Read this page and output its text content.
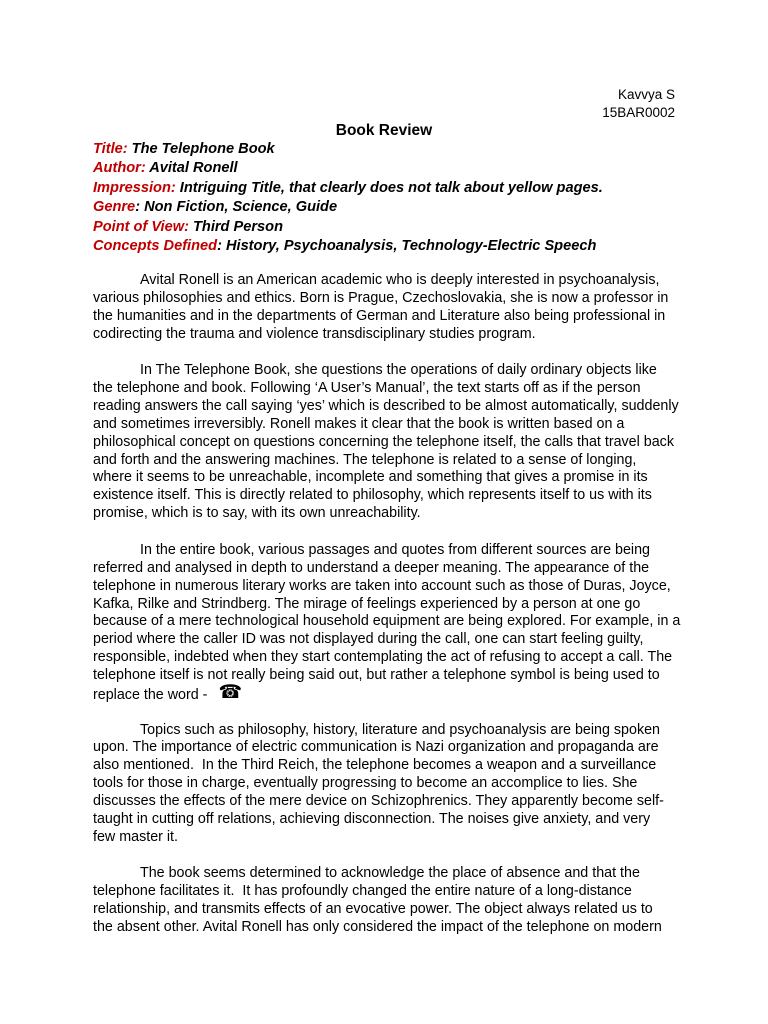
Kavvya S
15BAR0002
Book Review
Title: The Telephone Book
Author: Avital Ronell
Impression: Intriguing Title, that clearly does not talk about yellow pages.
Genre: Non Fiction, Science, Guide
Point of View: Third Person
Concepts Defined: History, Psychoanalysis, Technology-Electric Speech
Avital Ronell is an American academic who is deeply interested in psychoanalysis,
various philosophies and ethics. Born is Prague, Czechoslovakia, she is now a professor in
the humanities and in the departments of German and Literature also being professional in
codirecting the trauma and violence transdisciplinary studies program.
In The Telephone Book, she questions the operations of daily ordinary objects like
the telephone and book. Following ‘A User’s Manual’, the text starts off as if the person
reading answers the call saying ‘yes’ which is described to be almost automatically, suddenly
and sometimes irreversibly. Ronell makes it clear that the book is written based on a
philosophical concept on questions concerning the telephone itself, the calls that travel back
and forth and the answering machines. The telephone is related to a sense of longing,
where it seems to be unreachable, incomplete and something that gives a promise in its
existence itself. This is directly related to philosophy, which represents itself to us with its
promise, which is to say, with its own unreachability.
In the entire book, various passages and quotes from different sources are being
referred and analysed in depth to understand a deeper meaning. The appearance of the
telephone in numerous literary works are taken into account such as those of Duras, Joyce,
Kafka, Rilke and Strindberg. The mirage of feelings experienced by a person at one go
because of a mere technological household equipment are being explored. For example, in a
period where the caller ID was not displayed during the call, one can start feeling guilty,
responsible, indebted when they start contemplating the act of refusing to accept a call. The
telephone itself is not really being said out, but rather a telephone symbol is being used to
replace the word - ☎
Topics such as philosophy, history, literature and psychoanalysis are being spoken
upon. The importance of electric communication is Nazi organization and propaganda are
also mentioned.  In the Third Reich, the telephone becomes a weapon and a surveillance
tools for those in charge, eventually progressing to become an accomplice to lies. She
discusses the effects of the mere device on Schizophrenics. They apparently become self-
taught in cutting off relations, achieving disconnection. The noises give anxiety, and very
few master it.
The book seems determined to acknowledge the place of absence and that the
telephone facilitates it.  It has profoundly changed the entire nature of a long-distance
relationship, and transmits effects of an evocative power. The object always related us to
the absent other. Avital Ronell has only considered the impact of the telephone on modern
